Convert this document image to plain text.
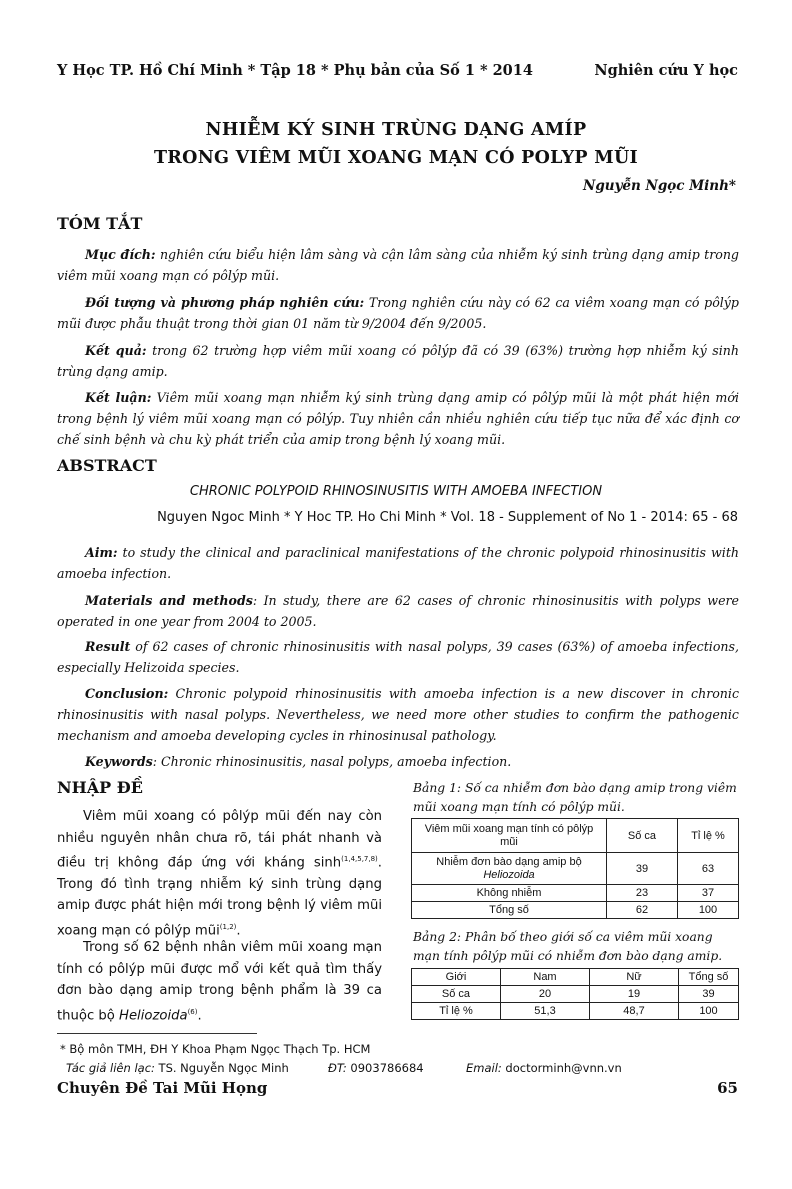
Y Học TP. Hồ Chí Minh * Tập 18 * Phụ bản của Số 1 * 2014	Nghiên cứu Y học
NHIỄM KÝ SINH TRÙNG DẠNG AMÍP
TRONG VIÊM MŨI XOANG MẠN CÓ POLYP MŨI
Nguyễn Ngọc Minh*
TÓM TẮT
Mục đích: nghiên cứu biểu hiện lâm sàng và cận lâm sàng của nhiễm ký sinh trùng dạng amip trong viêm mũi xoang mạn có pôlýp mũi.
Đối tượng và phương pháp nghiên cứu: Trong nghiên cứu này có 62 ca viêm xoang mạn có pôlýp mũi được phẫu thuật trong thời gian 01 năm từ 9/2004 đến 9/2005.
Kết quả: trong 62 trường hợp viêm mũi xoang có pôlýp đã có 39 (63%) trường hợp nhiễm ký sinh trùng dạng amip.
Kết luận: Viêm mũi xoang mạn nhiễm ký sinh trùng dạng amip có pôlýp mũi là một phát hiện mới trong bệnh lý viêm mũi xoang mạn có pôlýp. Tuy nhiên cần nhiều nghiên cứu tiếp tục nữa để xác định cơ chế sinh bệnh và chu kỳ phát triển của amip trong bệnh lý xoang mũi.
ABSTRACT
CHRONIC POLYPOID RHINOSINUSITIS WITH AMOEBA INFECTION
Nguyen Ngoc Minh * Y Hoc TP. Ho Chi Minh * Vol. 18 - Supplement of No 1 - 2014: 65 - 68
Aim: to study the clinical and paraclinical manifestations of the chronic polypoid rhinosinusitis with amoeba infection.
Materials and methods: In study, there are 62 cases of chronic rhinosinusitis with polyps were operated in one year from 2004 to 2005.
Result of 62 cases of chronic rhinosinusitis with nasal polyps, 39 cases (63%) of amoeba infections, especially Helizoida species.
Conclusion: Chronic polypoid rhinosinusitis with amoeba infection is a new discover in chronic rhinosinusitis with nasal polyps. Nevertheless, we need more other studies to confirm the pathogenic mechanism and amoeba developing cycles in rhinosinusal pathology.
Keywords: Chronic rhinosinusitis, nasal polyps, amoeba infection.
NHẬP ĐỀ
Viêm mũi xoang có pôlýp mũi đến nay còn nhiều nguyên nhân chưa rõ, tái phát nhanh và điều trị không đáp ứng với kháng $\sinh^{(1,4,5,7,8)}$. Trong đó tình trạng nhiễm ký sinh trùng dạng amip được phát hiện mới trong bệnh lý viêm mũi xoang mạn có pôlýp mũi$^{(1,2)}$.
Trong số 62 bệnh nhân viêm mũi xoang mạn tính có pôlýp mũi được mổ với kết quả tìm thấy đơn bào dạng amip trong bệnh phẩm là 39 ca thuộc bộ Heliozoida$^{(6)}$.
Bảng 1: Số ca nhiễm đơn bào dạng amip trong viêm mũi xoang mạn tính có pôlýp mũi.
Viêm mũi xoang mạn tính có pôlýp mũi	Số ca	Tỉ lệ %
Nhiễm đơn bào dạng amip bộ
Heliozoida	39	63
Không nhiễm	23	37
Tổng số	62	100
Bảng 2: Phân bố theo giới số ca viêm mũi xoang mạn tính pôlýp mũi có nhiễm đơn bào dạng amip.
Giới	Nam	Nữ	Tổng số
Số ca	20	19	39
Tỉ lệ %	51,3	48,7	100
* Bộ môn TMH, ĐH Y Khoa Phạm Ngọc Thạch Tp. HCM
Tác giả liên lạc: TS. Nguyễn Ngọc Minh	ĐT: 0903786684	Email: doctorminh@vnn.vn
Chuyên Đề Tai Mũi Họng	65
